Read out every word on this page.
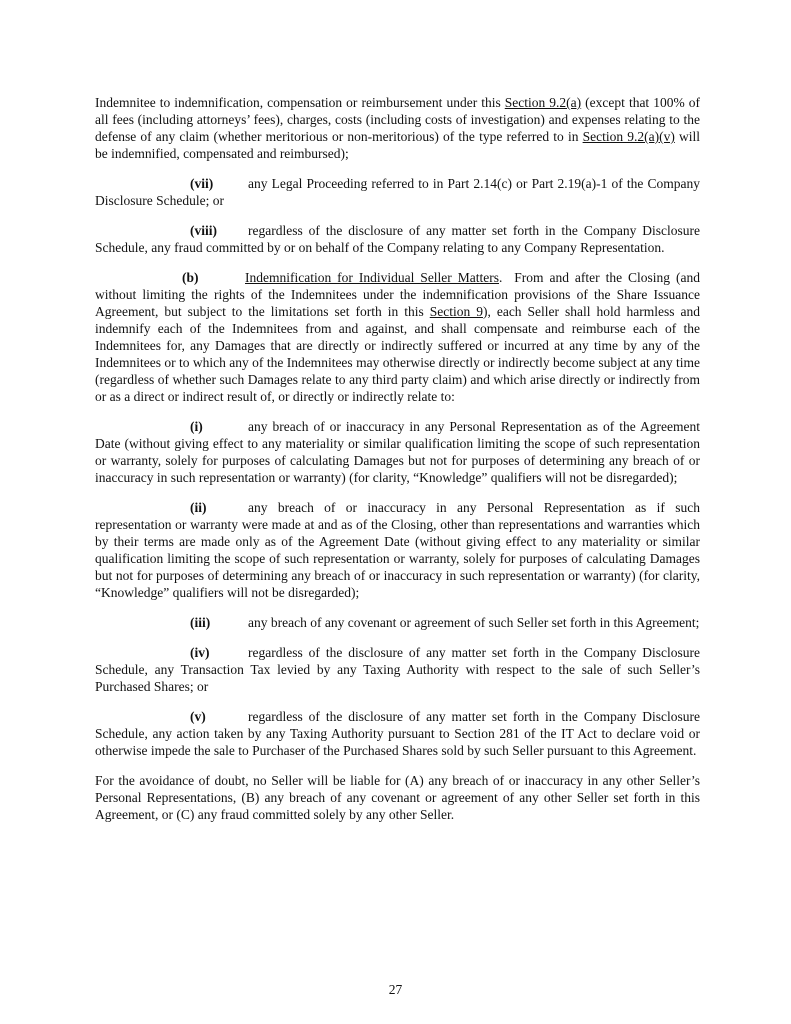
Indemnitee to indemnification, compensation or reimbursement under this Section 9.2(a) (except that 100% of all fees (including attorneys’ fees), charges, costs (including costs of investigation) and expenses relating to the defense of any claim (whether meritorious or non-meritorious) of the type referred to in Section 9.2(a)(v) will be indemnified, compensated and reimbursed);

(vii)	any Legal Proceeding referred to in Part 2.14(c) or Part 2.19(a)-1 of the Company Disclosure Schedule; or

(viii) regardless of the disclosure of any matter set forth in the Company Disclosure Schedule, any fraud committed by or on behalf of the Company relating to any Company Representation.

(b)	Indemnification for Individual Seller Matters.  From and after the Closing (and without limiting the rights of the Indemnitees under the indemnification provisions of the Share Issuance Agreement, but subject to the limitations set forth in this Section 9), each Seller shall hold harmless and indemnify each of the Indemnitees from and against, and shall compensate and reimburse each of the Indemnitees for, any Damages that are directly or indirectly suffered or incurred at any time by any of the Indemnitees or to which any of the Indemnitees may otherwise directly or indirectly become subject at any time (regardless of whether such Damages relate to any third party claim) and which arise directly or indirectly from or as a direct or indirect result of, or directly or indirectly relate to:

(i)	any breach of or inaccuracy in any Personal Representation as of the Agreement Date (without giving effect to any materiality or similar qualification limiting the scope of such representation or warranty, solely for purposes of calculating Damages but not for purposes of determining any breach of or inaccuracy in such representation or warranty) (for clarity, “Knowledge” qualifiers will not be disregarded);

(ii)	any breach of or inaccuracy in any Personal Representation as if such representation or warranty were made at and as of the Closing, other than representations and warranties which by their terms are made only as of the Agreement Date (without giving effect to any materiality or similar qualification limiting the scope of such representation or warranty, solely for purposes of calculating Damages but not for purposes of determining any breach of or inaccuracy in such representation or warranty) (for clarity, “Knowledge” qualifiers will not be disregarded);

(iii)	any breach of any covenant or agreement of such Seller set forth in this Agreement;

(iv)	regardless of the disclosure of any matter set forth in the Company Disclosure Schedule, any Transaction Tax levied by any Taxing Authority with respect to the sale of such Seller’s Purchased Shares; or

(v)	regardless of the disclosure of any matter set forth in the Company Disclosure Schedule, any action taken by any Taxing Authority pursuant to Section 281 of the IT Act to declare void or otherwise impede the sale to Purchaser of the Purchased Shares sold by such Seller pursuant to this Agreement.

For the avoidance of doubt, no Seller will be liable for (A) any breach of or inaccuracy in any other Seller’s Personal Representations, (B) any breach of any covenant or agreement of any other Seller set forth in this Agreement, or (C) any fraud committed solely by any other Seller.

27
